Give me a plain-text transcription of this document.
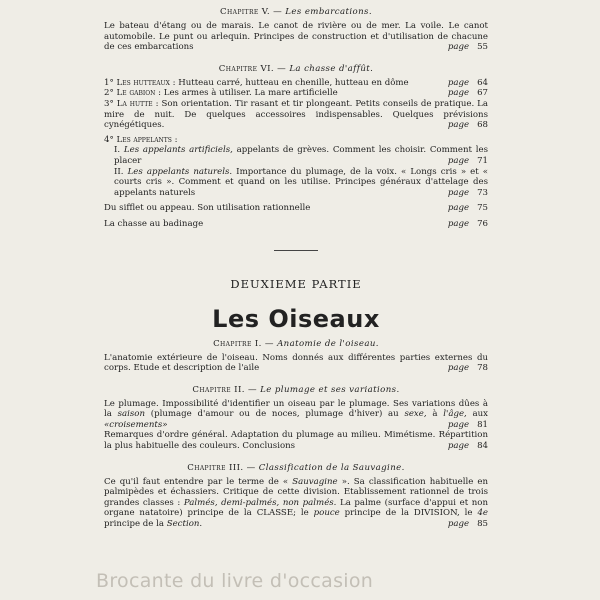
Chapitre V. — Les embarcations.

Le bateau d'étang ou de marais. Le canot de rivière ou de mer. La voile. Le canot automobile. Le punt ou arlequin. Principes de construction et d'utilisation de chacune de ces embarcations	page 55

Chapitre VI. — La chasse d'affût.

1° Les hutteaux : Hutteau carré, hutteau en chenille, hutteau en dôme	page 64

2° Le gabion : Les armes à utiliser. La mare artificielle	page 67

3° La hutte : Son orientation. Tir rasant et tir plongeant. Petits conseils de pratique. La mire de nuit. De quelques accessoires indispensables. Quelques prévisions cynégétiques.	page 68

4° Les appelants :

I. Les appelants artificiels, appelants de grèves. Comment les choisir. Comment les placer	page 71

II. Les appelants naturels. Importance du plumage, de la voix. « Longs cris » et « courts cris ». Comment et quand on les utilise. Principes généraux d'attelage des appelants naturels	page 73

Du sifflet ou appeau. Son utilisation rationnelle	page 75

La chasse au badinage	page 76

DEUXIEME PARTIE

Les Oiseaux

Chapitre I. — Anatomie de l'oiseau.

L'anatomie extérieure de l'oiseau. Noms donnés aux différentes parties externes du corps. Etude et description de l'aile	page 78

Chapitre II. — Le plumage et ses variations.

Le plumage. Impossibilité d'identifier un oiseau par le plumage. Ses variations dûes à la saison (plumage d'amour ou de noces, plumage d'hiver) au sexe, à l'âge, aux «croisements»	page 81

Remarques d'ordre général. Adaptation du plumage au milieu. Mimétisme. Répartition la plus habituelle des couleurs. Conclusions	page 84

Chapitre III. — Classification de la Sauvagine.

Ce qu'il faut entendre par le terme de « Sauvagine ». Sa classification habituelle en palmipèdes et échassiers. Critique de cette division. Etablissement rationnel de trois grandes classes : Palmés, demi-palmés, non palmés. La palme (surface d'appui et non organe natatoire) principe de la CLASSE; le pouce principe de la DIVISION, le 4e principe de la Section.	page 85

Brocante du livre d'occasion
